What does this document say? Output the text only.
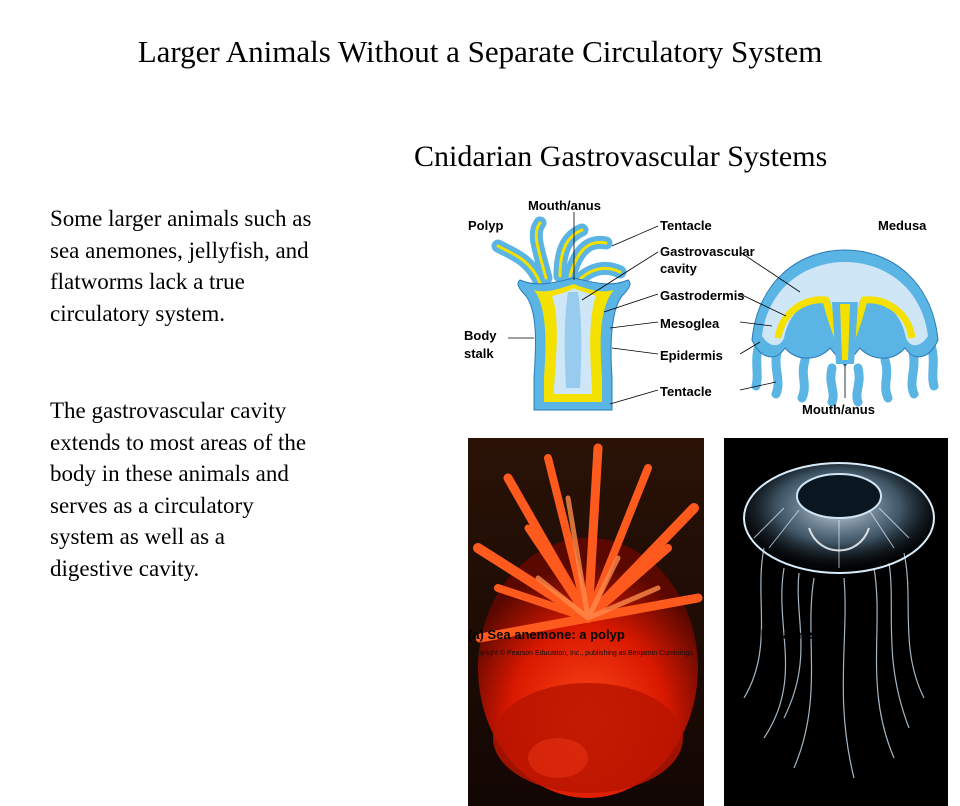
Larger Animals Without a Separate Circulatory System
Cnidarian Gastrovascular Systems

Some larger animals such as
sea anemones, jellyfish, and
flatworms lack a true
circulatory system.

The gastrovascular cavity
extends to most areas of the
body in these animals and
serves as a circulatory
system as well as a
digestive cavity.

Polyp	Medusa
Mouth/anus
Tentacle
Gastrovascular
cavity
Gastrodermis
Mesoglea
Epidermis
Tentacle
Body
stalk
Mouth/anus
(a) Sea anemone: a polyp	(b) Jelly: a medusa
Copyright © Pearson Education, Inc., publishing as Benjamin Cummings.
